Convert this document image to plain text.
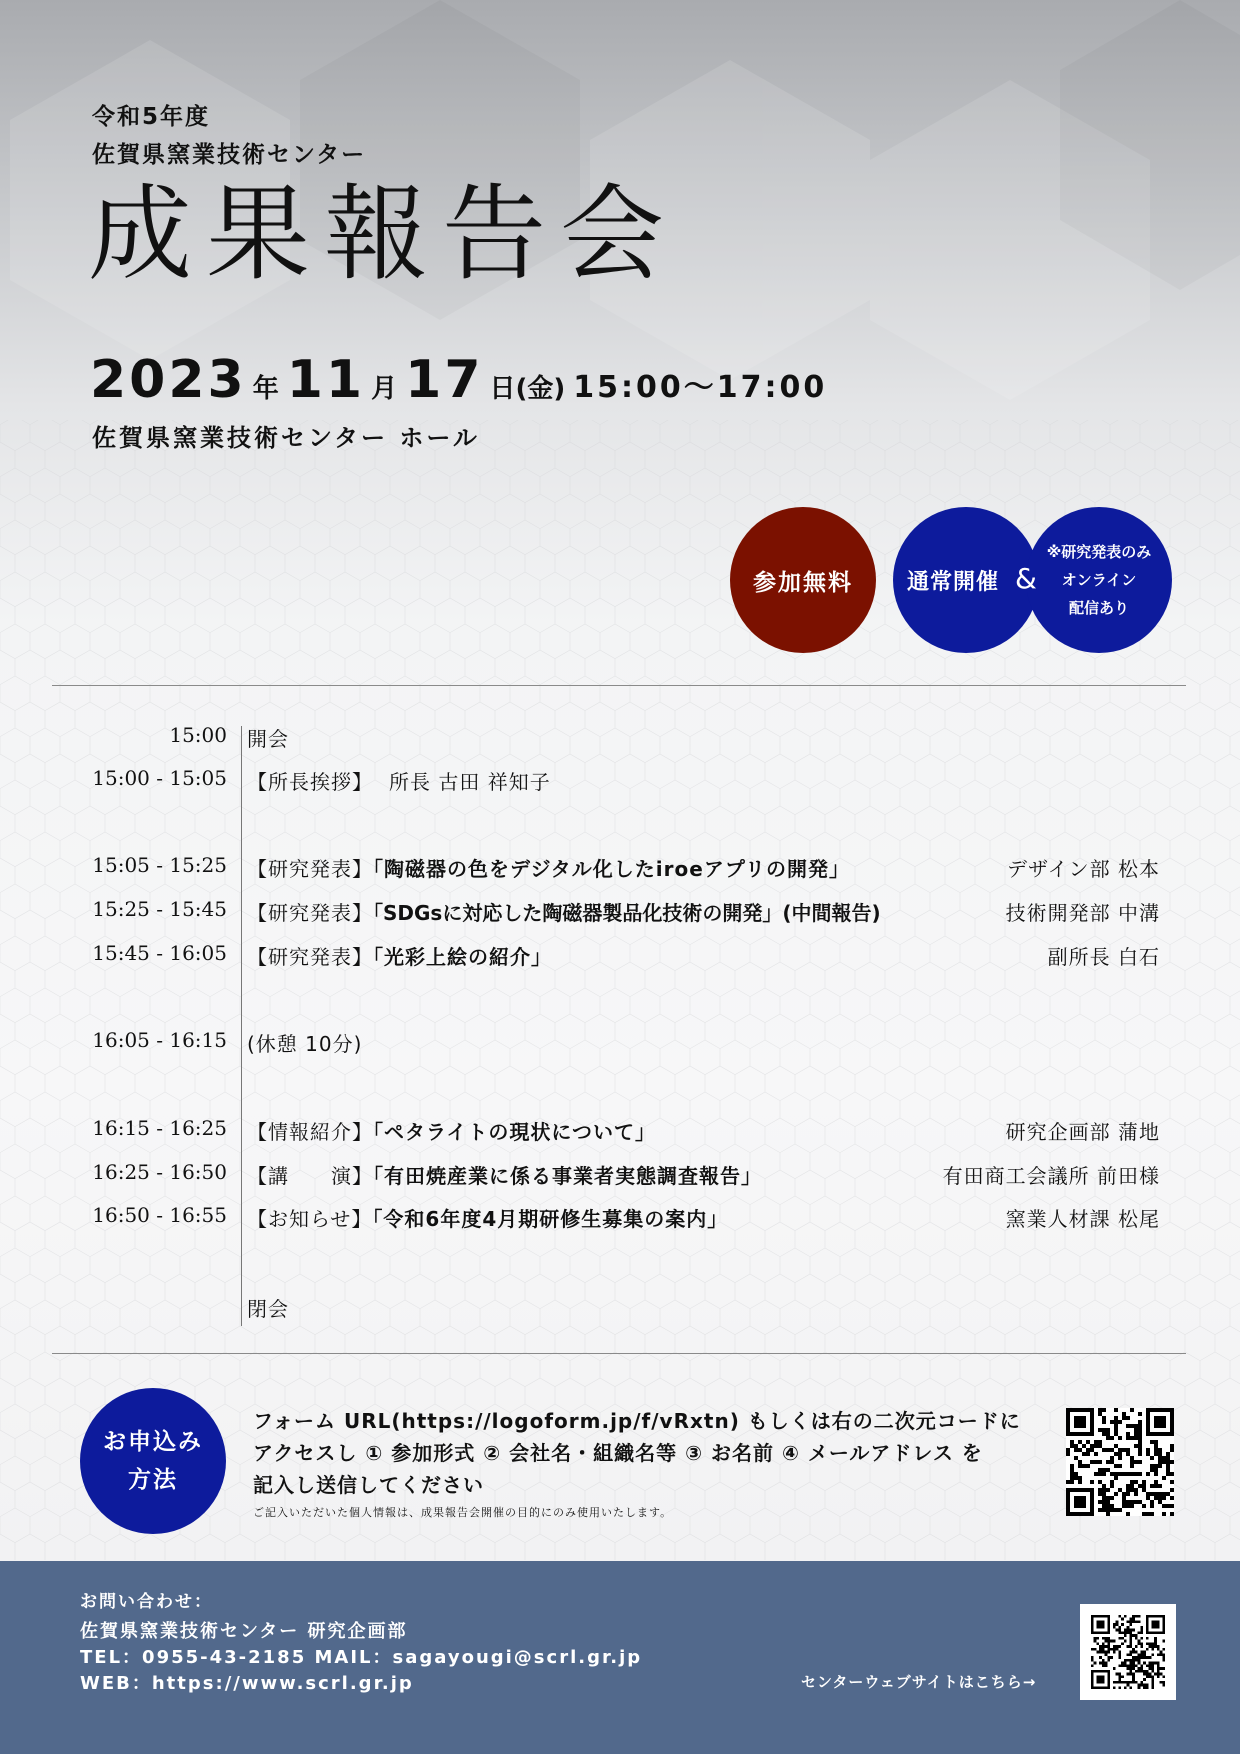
令和5年度
佐賀県窯業技術センター
成果報告会
2023 年 11 月 17 日(金) 15:00〜17:00
佐賀県窯業技術センター ホール
参加無料	通常開催
※研究発表のみ
オンライン
配信あり
&
15:00 開会
15:00 - 15:05 【所長挨拶】 所長 古田 祥知子
15:05 - 15:25 【研究発表】「陶磁器の色をデジタル化したiroeアプリの開発」	デザイン部 松本
15:25 - 15:45 【研究発表】「SDGsに対応した陶磁器製品化技術の開発」(中間報告)	技術開発部 中溝
15:45 - 16:05 【研究発表】「光彩上絵の紹介」	副所長 白石
16:05 - 16:15 (休憩 10分)
16:15 - 16:25 【情報紹介】「ペタライトの現状について」	研究企画部 蒲地
16:25 - 16:50 【講　　演】「有田焼産業に係る事業者実態調査報告」	有田商工会議所 前田様
16:50 - 16:55 【お知らせ】「令和6年度4月期研修生募集の案内」	窯業人材課 松尾
閉会
お申込み
方法
フォーム URL(https://logoform.jp/f/vRxtn) もしくは右の二次元コードに
アクセスし ① 参加形式 ② 会社名・組織名等 ③ お名前 ④ メールアドレス を
記入し送信してください
ご記入いただいた個人情報は、成果報告会開催の目的にのみ使用いたします。
お問い合わせ：
佐賀県窯業技術センター 研究企画部
TEL：0955-43-2185 MAIL：sagayougi@scrl.gr.jp
WEB：https://www.scrl.gr.jp	センターウェブサイトはこちら→
